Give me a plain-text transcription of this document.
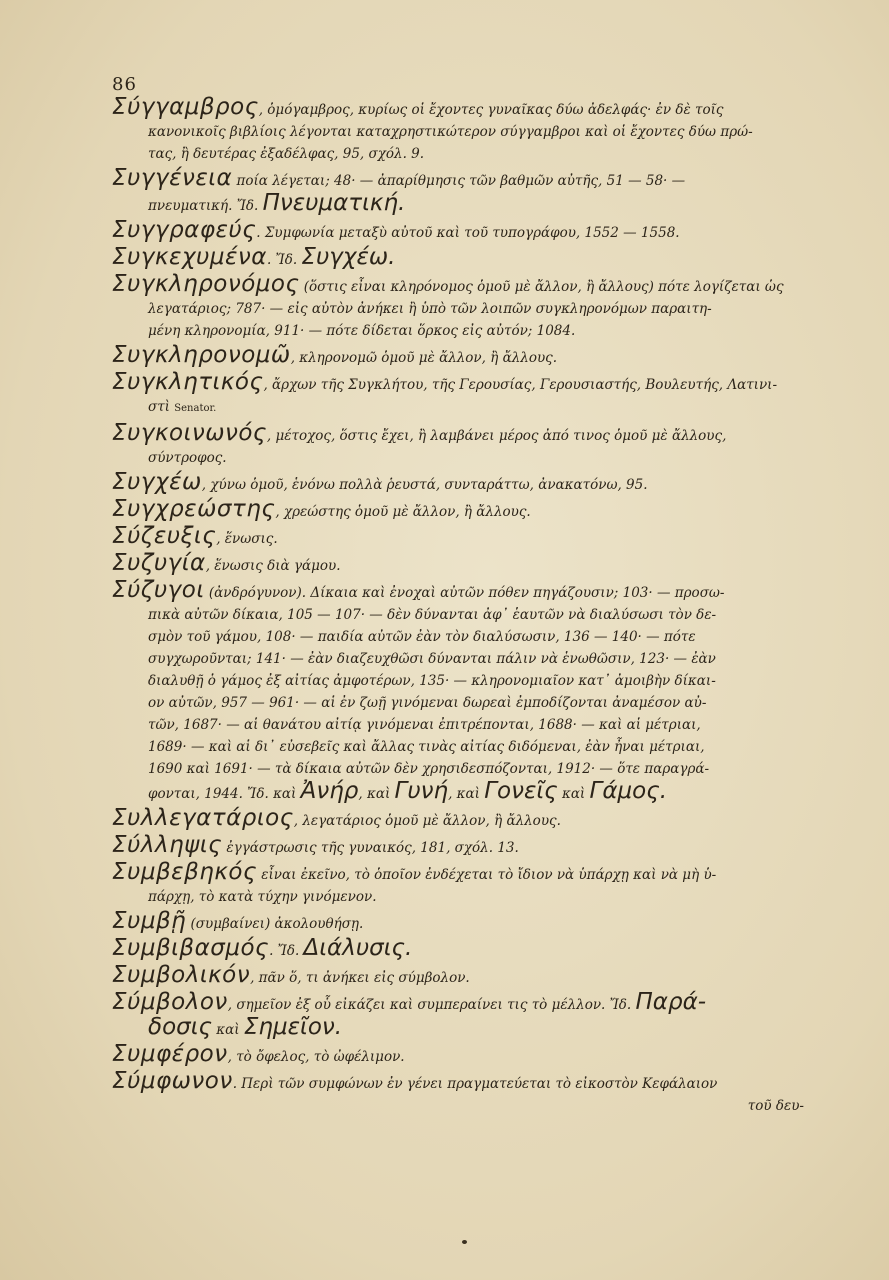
86
Σύγγαμβρος, ὁμόγαμβρος, κυρίως οἱ ἔχοντες γυναῖκας δύω ἀδελφάς· ἐν δὲ τοῖς
κανονικοῖς βιβλίοις λέγονται καταχρηστικώτερον σύγγαμβροι καὶ οἱ ἔχοντες δύω πρώ-
τας, ἢ δευτέρας ἐξαδέλφας, 95, σχόλ. 9.
Συγγένεια ποία λέγεται; 48· — ἀπαρίθμησις τῶν βαθμῶν αὐτῆς, 51 — 58· —
πνευματική. Ἴδ. Πνευματική.
Συγγραφεύς. Συμφωνία μεταξὺ αὐτοῦ καὶ τοῦ τυπογράφου, 1552 — 1558.
Συγκεχυμένα. Ἴδ. Συγχέω.
Συγκληρονόμος (ὅστις εἶναι κληρόνομος ὁμοῦ μὲ ἄλλον, ἢ ἄλλους) πότε λογίζεται ὡς
λεγατάριος; 787· — εἰς αὐτὸν ἀνήκει ἢ ὑπὸ τῶν λοιπῶν συγκληρονόμων παραιτη-
μένη κληρονομία, 911· — πότε δίδεται ὅρκος εἰς αὐτόν; 1084.
Συγκληρονομῶ, κληρονομῶ ὁμοῦ μὲ ἄλλον, ἢ ἄλλους.
Συγκλητικός, ἄρχων τῆς Συγκλήτου, τῆς Γερουσίας, Γερουσιαστής, Βουλευτής, Λατινι-
στὶ Senator.
Συγκοινωνός, μέτοχος, ὅστις ἔχει, ἢ λαμβάνει μέρος ἀπό τινος ὁμοῦ μὲ ἄλλους,
σύντροφος.
Συγχέω, χύνω ὁμοῦ, ἑνόνω πολλὰ ῥευστά, συνταράττω, ἀνακατόνω, 95.
Συγχρεώστης, χρεώστης ὁμοῦ μὲ ἄλλον, ἢ ἄλλους.
Σύζευξις, ἕνωσις.
Συζυγία, ἕνωσις διὰ γάμου.
Σύζυγοι (ἀνδρόγυνον). Δίκαια καὶ ἐνοχαὶ αὐτῶν πόθεν πηγάζουσιν; 103· — προσω-
πικὰ αὐτῶν δίκαια, 105 — 107· — δὲν δύνανται ἀφ᾽ ἑαυτῶν νὰ διαλύσωσι τὸν δε-
σμὸν τοῦ γάμου, 108· — παιδία αὐτῶν ἐὰν τὸν διαλύσωσιν, 136 — 140· — πότε
συγχωροῦνται; 141· — ἐὰν διαζευχθῶσι δύνανται πάλιν νὰ ἑνωθῶσιν, 123· — ἐὰν
διαλυθῇ ὁ γάμος ἐξ αἰτίας ἀμφοτέρων, 135· — κληρονομιαῖον κατ᾽ ἀμοιβὴν δίκαι-
ον αὐτῶν, 957 — 961· — αἱ ἐν ζωῇ γινόμεναι δωρεαὶ ἐμποδίζονται ἀναμέσον αὐ-
τῶν, 1687· — αἱ θανάτου αἰτίᾳ γινόμεναι ἐπιτρέπονται, 1688· — καὶ αἱ μέτριαι,
1689· — καὶ αἱ δι᾽ εὐσεβεῖς καὶ ἄλλας τινὰς αἰτίας διδόμεναι, ἐὰν ἦναι μέτριαι,
1690 καὶ 1691· — τὰ δίκαια αὐτῶν δὲν χρησιδεσπόζονται, 1912· — ὅτε παραγρά-
φονται, 1944. Ἴδ. καὶ Ἀνήρ, καὶ Γυνή, καὶ Γονεῖς καὶ Γάμος.
Συλλεγατάριος, λεγατάριος ὁμοῦ μὲ ἄλλον, ἢ ἄλλους.
Σύλληψις ἐγγάστρωσις τῆς γυναικός, 181, σχόλ. 13.
Συμβεβηκός εἶναι ἐκεῖνο, τὸ ὁποῖον ἐνδέχεται τὸ ἴδιον νὰ ὑπάρχῃ καὶ νὰ μὴ ὑ-
πάρχῃ, τὸ κατὰ τύχην γινόμενον.
Συμβῇ (συμβαίνει) ἀκολουθήσῃ.
Συμβιβασμός. Ἴδ. Διάλυσις.
Συμβολικόν, πᾶν ὅ, τι ἀνήκει εἰς σύμβολον.
Σύμβολον, σημεῖον ἐξ οὗ εἰκάζει καὶ συμπεραίνει τις τὸ μέλλον. Ἴδ. Παρά-
δοσις καὶ Σημεῖον.
Συμφέρον, τὸ ὄφελος, τὸ ὠφέλιμον.
Σύμφωνον. Περὶ τῶν συμφώνων ἐν γένει πραγματεύεται τὸ εἰκοστὸν Κεφάλαιον
τοῦ δευ-
